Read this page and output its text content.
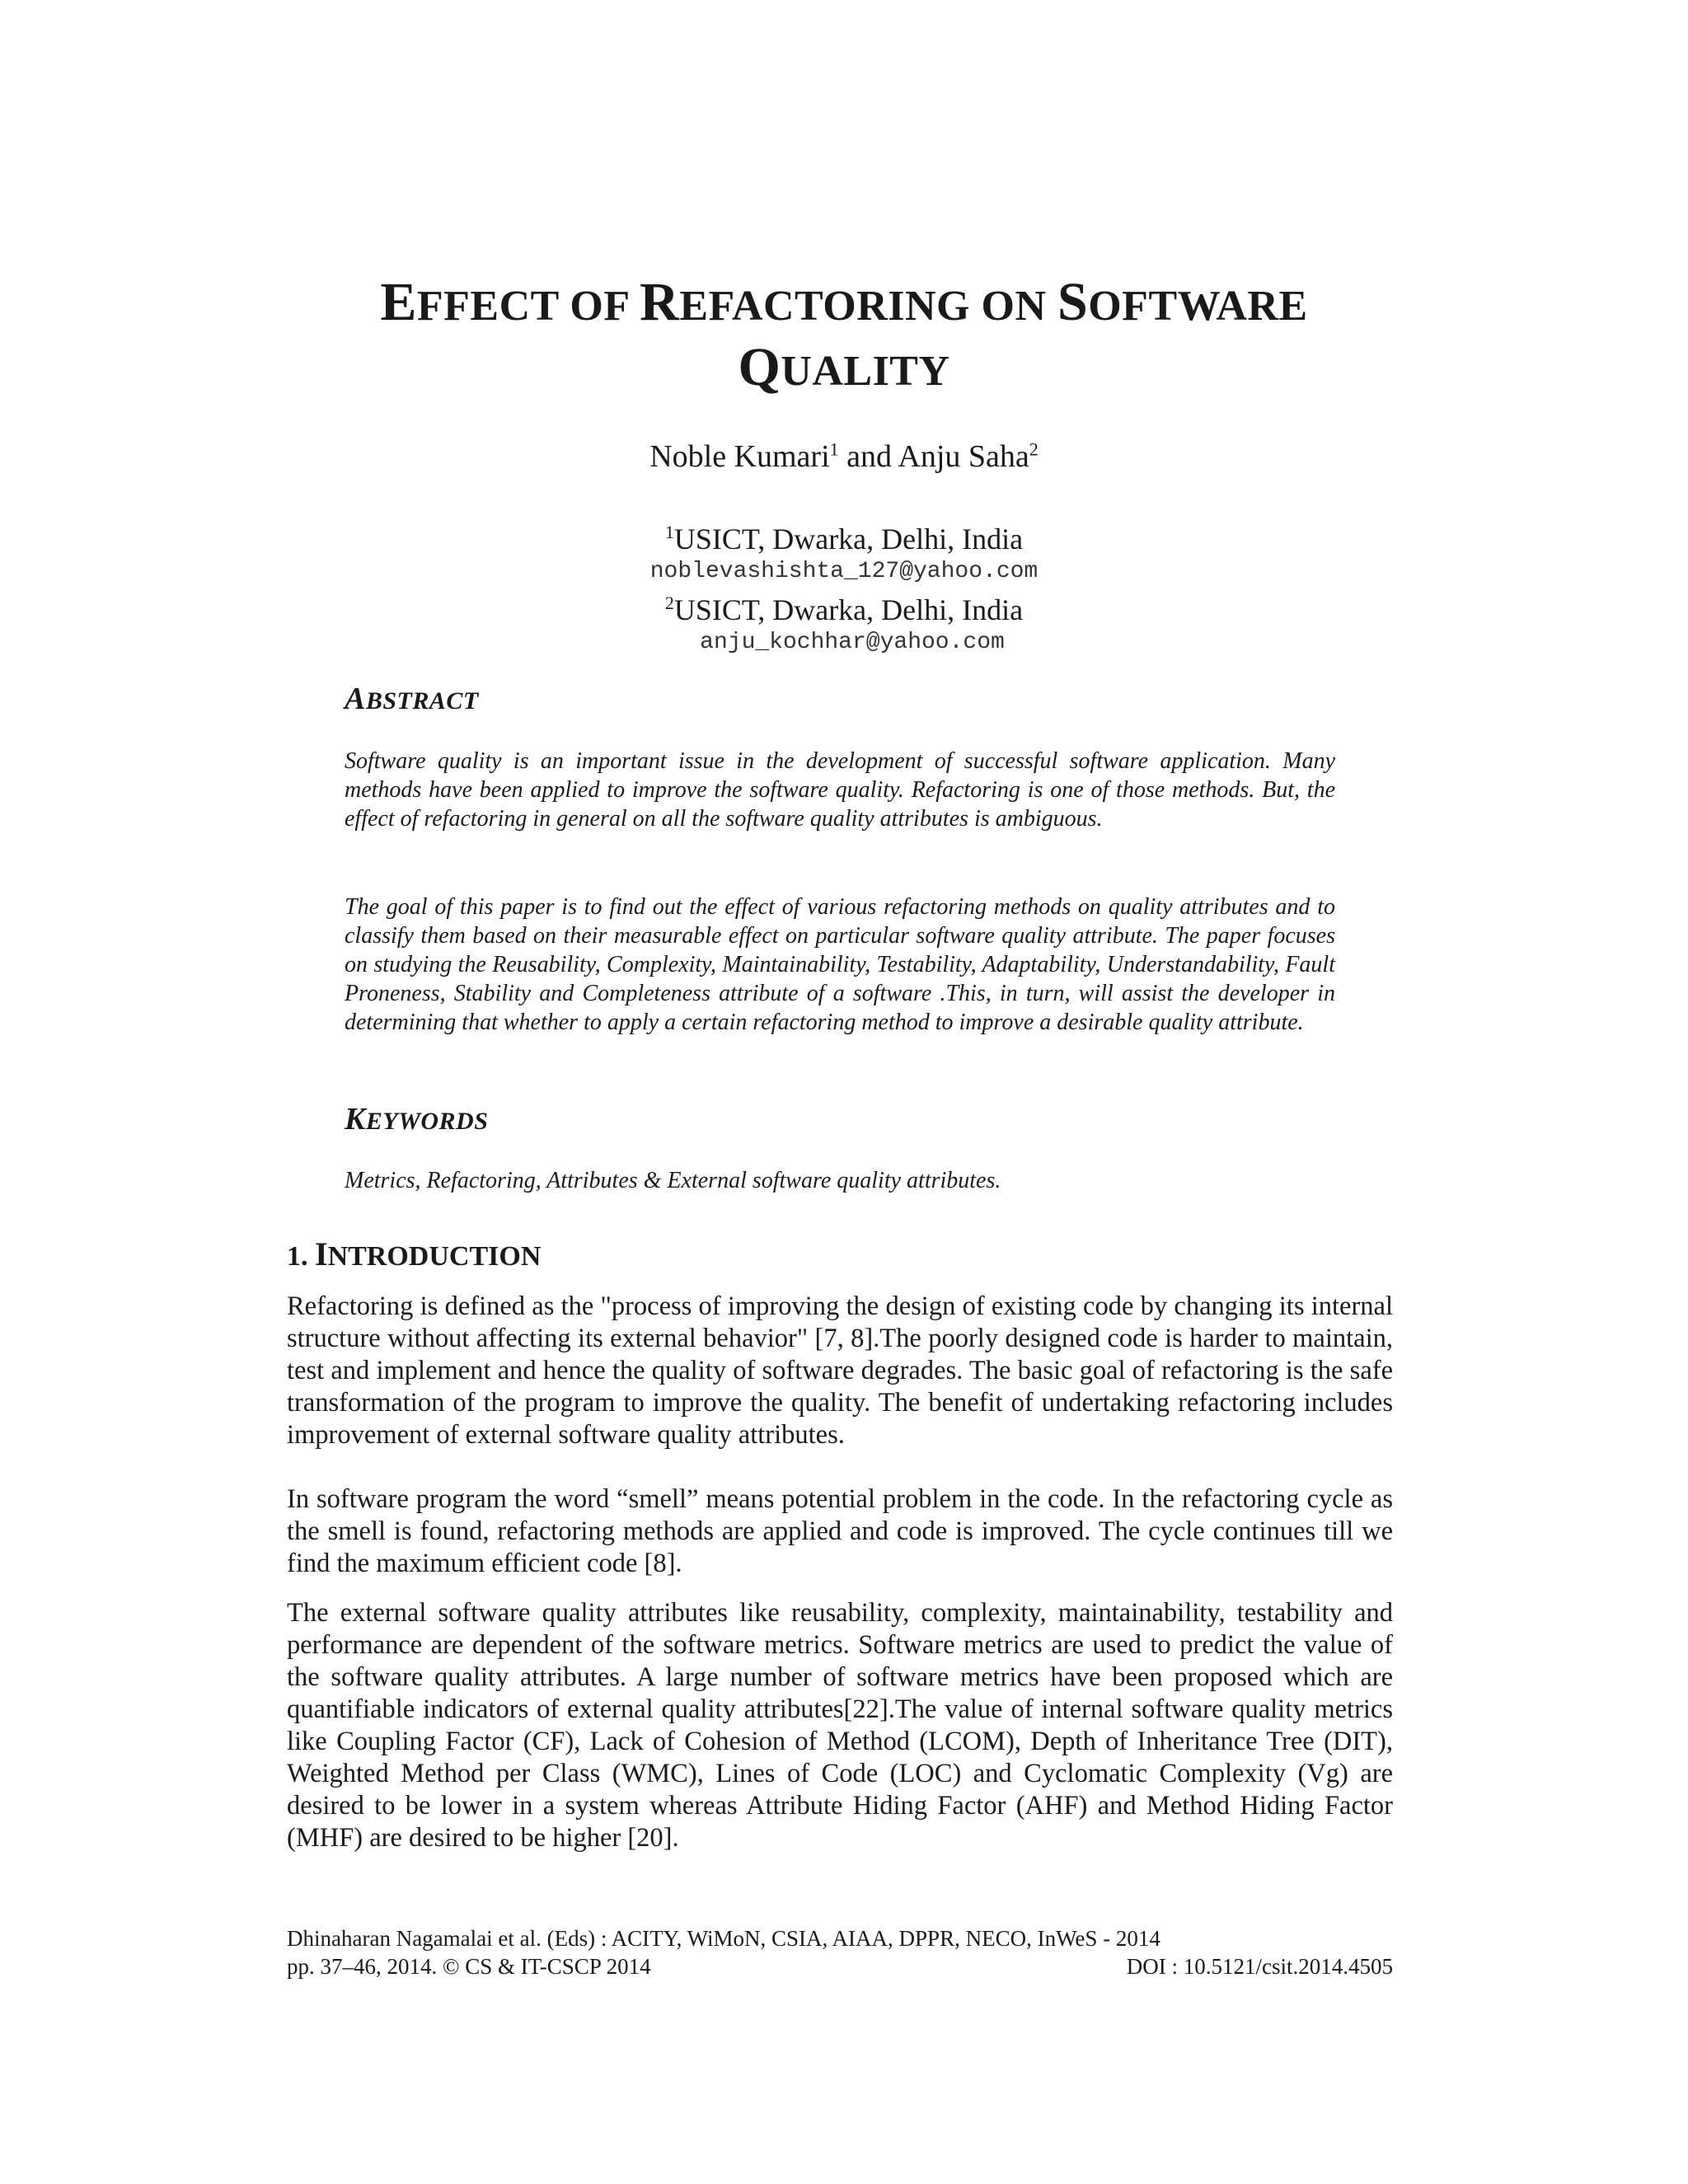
EFFECT OF REFACTORING ON SOFTWARE
QUALITY
Noble Kumari$^1$ and Anju Saha$^2$

$^1$USICT, Dwarka, Delhi, India

noblevashishta_127@yahoo.com

$^2$USICT, Dwarka, Delhi, India

anju_kochhar@yahoo.com

ABSTRACT

Software quality is an important issue in the development of successful software application. Many methods have been applied to improve the software quality. Refactoring is one of those methods. But, the effect of refactoring in general on all the software quality attributes is ambiguous.

The goal of this paper is to find out the effect of various refactoring methods on quality attributes and to classify them based on their measurable effect on particular software quality attribute. The paper focuses on studying the Reusability, Complexity, Maintainability, Testability, Adaptability, Understandability, Fault Proneness, Stability and Completeness attribute of a software .This, in turn, will assist the developer in determining that whether to apply a certain refactoring method to improve a desirable quality attribute.

KEYWORDS

Metrics, Refactoring, Attributes & External software quality attributes.

1. INTRODUCTION

Refactoring is defined as the "process of improving the design of existing code by changing its internal structure without affecting its external behavior" [7, 8].The poorly designed code is harder to maintain, test and implement and hence the quality of software degrades. The basic goal of refactoring is the safe transformation of the program to improve the quality. The benefit of undertaking refactoring includes improvement of external software quality attributes.

In software program the word “smell” means potential problem in the code. In the refactoring cycle as the smell is found, refactoring methods are applied and code is improved. The cycle continues till we find the maximum efficient code [8].

The external software quality attributes like reusability, complexity, maintainability, testability and performance are dependent of the software metrics. Software metrics are used to predict the value of the software quality attributes. A large number of software metrics have been proposed which are quantifiable indicators of external quality attributes[22].The value of internal software quality metrics like Coupling Factor (CF), Lack of Cohesion of Method (LCOM), Depth of Inheritance Tree (DIT), Weighted Method per Class (WMC), Lines of Code (LOC) and Cyclomatic Complexity (Vg) are desired to be lower in a system whereas Attribute Hiding Factor (AHF) and Method Hiding Factor (MHF) are desired to be higher [20].

Dhinaharan Nagamalai et al. (Eds) : ACITY, WiMoN, CSIA, AIAA, DPPR, NECO, InWeS - 2014
pp. 37–46, 2014. © CS & IT-CSCP 2014	DOI : 10.5121/csit.2014.4505
